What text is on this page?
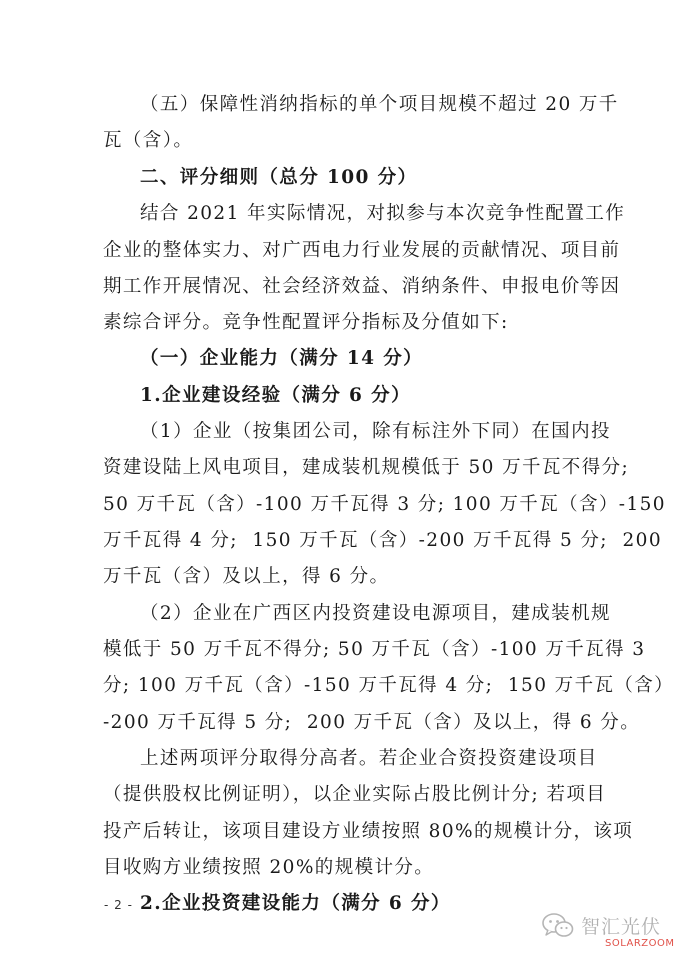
（五）保障性消纳指标的单个项目规模不超过 20 万千
瓦（含）。
二、评分细则（总分 100 分）
结合 2021 年实际情况，对拟参与本次竞争性配置工作
企业的整体实力、对广西电力行业发展的贡献情况、项目前
期工作开展情况、社会经济效益、消纳条件、申报电价等因
素综合评分。竞争性配置评分指标及分值如下:
（一）企业能力（满分 14 分）
1.企业建设经验（满分 6 分）
（1）企业（按集团公司，除有标注外下同）在国内投
资建设陆上风电项目，建成装机规模低于 50 万千瓦不得分;
50 万千瓦（含）-100 万千瓦得 3 分; 100 万千瓦（含）-150
万千瓦得 4 分;  150 万千瓦（含）-200 万千瓦得 5 分;  200
万千瓦（含）及以上，得 6 分。
（2）企业在广西区内投资建设电源项目，建成装机规
模低于 50 万千瓦不得分; 50 万千瓦（含）-100 万千瓦得 3
分; 100 万千瓦（含）-150 万千瓦得 4 分;  150 万千瓦（含）
-200 万千瓦得 5 分;  200 万千瓦（含）及以上，得 6 分。
上述两项评分取得分高者。若企业合资投资建设项目
（提供股权比例证明），以企业实际占股比例计分; 若项目
投产后转让，该项目建设方业绩按照 80%的规模计分，该项
目收购方业绩按照 20%的规模计分。
2.企业投资建设能力（满分 6 分）
- 2 -
智汇光伏
SOLARZOOM
